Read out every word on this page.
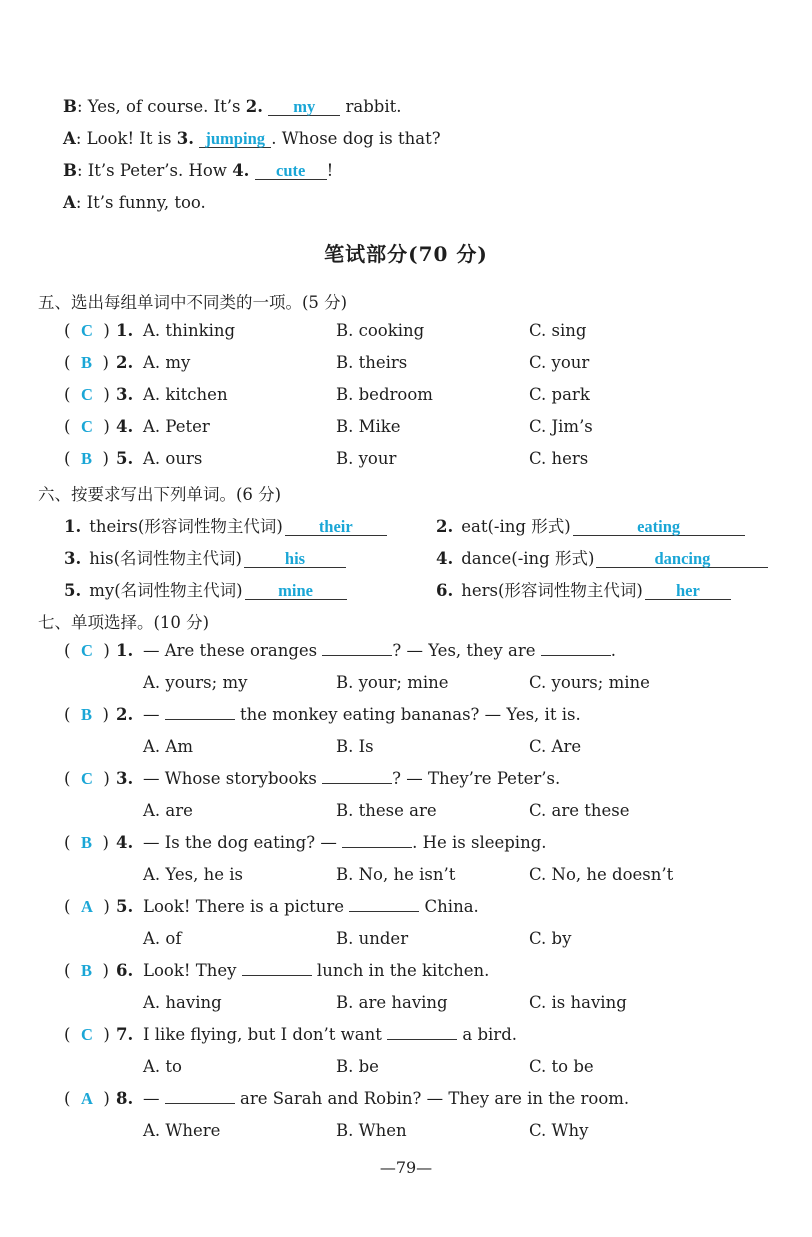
B: Yes, of course. It’s 2. my rabbit.
A: Look! It is 3. jumping . Whose dog is that?
B: It’s Peter’s. How 4. cute !
A: It’s funny, too.
笔试部分(70 分)
五、选出每组单词中不同类的一项。(5 分)
(  C  ) 1. A. thinking	B. cooking	C. sing
(  B  ) 2. A. my	B. theirs	C. your
(  C  ) 3. A. kitchen	B. bedroom	C. park
(  C  ) 4. A. Peter	B. Mike	C. Jim’s
(  B  ) 5. A. ours	B. your	C. hers
六、按要求写出下列单词。(6 分)
1. theirs(形容词性物主代词) their	2. eat(-ing 形式)	eating
3. his(名词性物主代词)	his	4. dance(-ing 形式)	dancing
5. my(名词性物主代词) mine	6. hers(形容词性物主代词) her
七、单项选择。(10 分)
(  C  ) 1. — Are these oranges	? — Yes, they are	.
A. yours; my	B. your; mine	C. yours; mine
(  B  ) 2. —	the monkey eating bananas? — Yes, it is.
A. Am	B. Is	C. Are
(  C  ) 3. — Whose storybooks	? — They’re Peter’s.
A. are	B. these are	C. are these
(  B  ) 4. — Is the dog eating? —	. He is sleeping.
A. Yes, he is	B. No, he isn’t	C. No, he doesn’t
(  A  ) 5. Look! There is a picture	China.
A. of	B. under	C. by
(  B  ) 6. Look! They	lunch in the kitchen.
A. having	B. are having	C. is having
(  C  ) 7. I like flying, but I don’t want	a bird.
A. to	B. be	C. to be
(  A  ) 8. —	are Sarah and Robin? — They are in the room.
A. Where	B. When	C. Why
—79—
